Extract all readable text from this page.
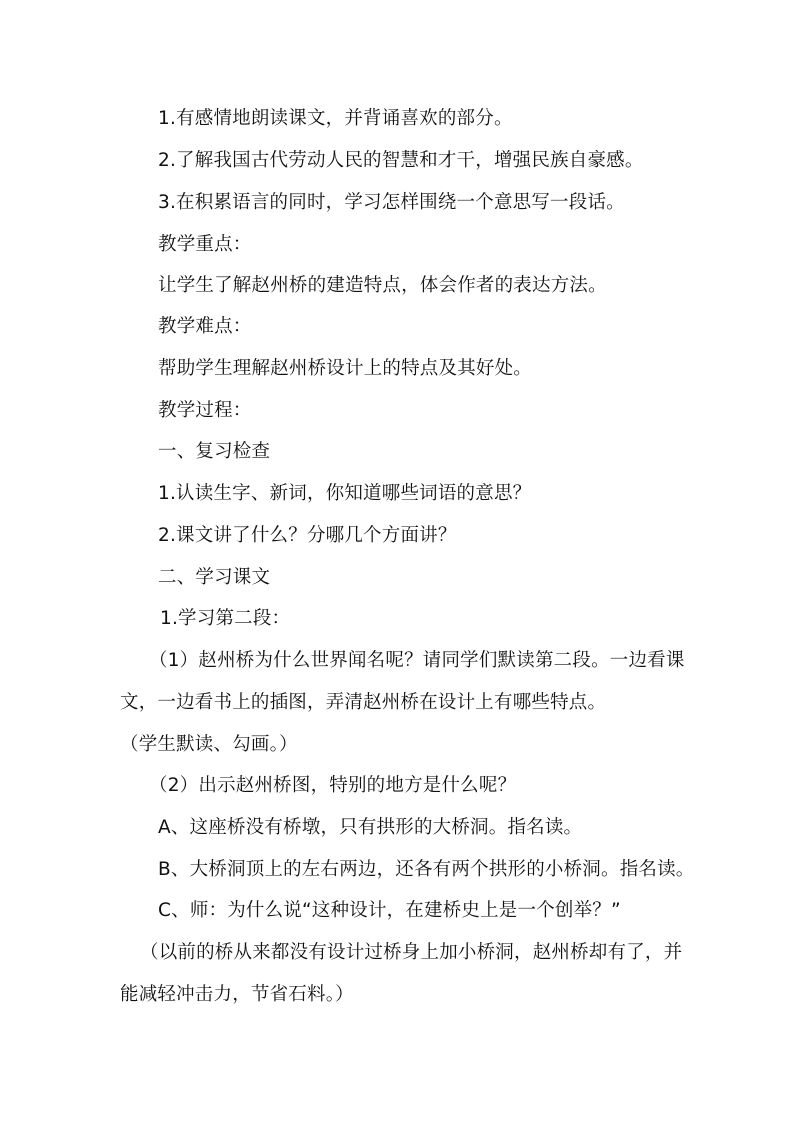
1.有感情地朗读课文，并背诵喜欢的部分。
2.了解我国古代劳动人民的智慧和才干，增强民族自豪感。
3.在积累语言的同时，学习怎样围绕一个意思写一段话。
教学重点：
让学生了解赵州桥的建造特点，体会作者的表达方法。
教学难点：
帮助学生理解赵州桥设计上的特点及其好处。
教学过程：
一、复习检查
1.认读生字、新词，你知道哪些词语的意思？
2.课文讲了什么？分哪几个方面讲？
二、学习课文
1.学习第二段：
（1）赵州桥为什么世界闻名呢？请同学们默读第二段。一边看课
文，一边看书上的插图，弄清赵州桥在设计上有哪些特点。
（学生默读、勾画。）
（2）出示赵州桥图，特别的地方是什么呢？
A、这座桥没有桥墩，只有拱形的大桥洞。指名读。
B、大桥洞顶上的左右两边，还各有两个拱形的小桥洞。指名读。
C、师：为什么说“这种设计，在建桥史上是一个创举？”
（以前的桥从来都没有设计过桥身上加小桥洞，赵州桥却有了，并
能减轻冲击力，节省石料。）
